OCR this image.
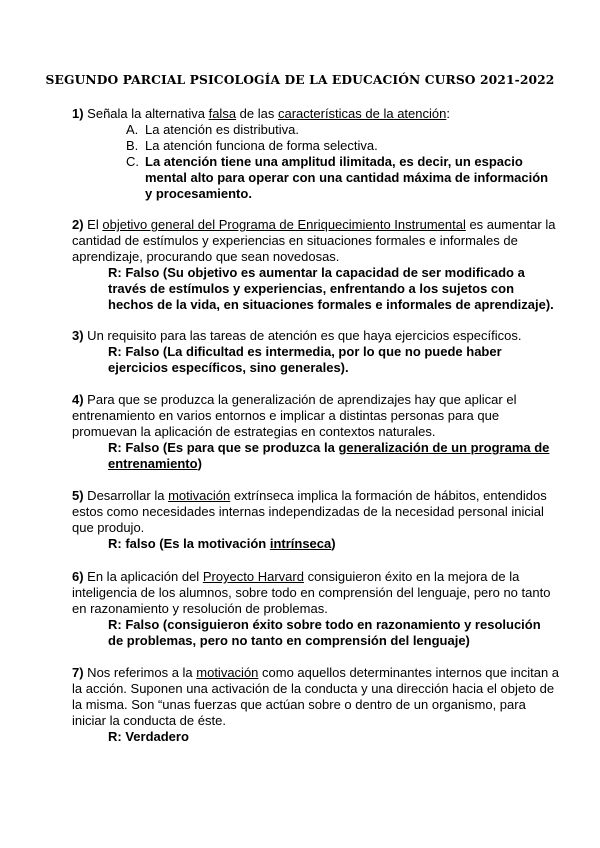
SEGUNDO PARCIAL PSICOLOGÍA DE LA EDUCACIÓN CURSO 2021-2022
1) Señala la alternativa falsa de las características de la atención:
A. La atención es distributiva.
B. La atención funciona de forma selectiva.
C. La atención tiene una amplitud ilimitada, es decir, un espacio
mental alto para operar con una cantidad máxima de información
y procesamiento.
2) El objetivo general del Programa de Enriquecimiento Instrumental es aumentar la
cantidad de estímulos y experiencias en situaciones formales e informales de
aprendizaje, procurando que sean novedosas.
R: Falso (Su objetivo es aumentar la capacidad de ser modificado a
través de estímulos y experiencias, enfrentando a los sujetos con
hechos de la vida, en situaciones formales e informales de aprendizaje).
3) Un requisito para las tareas de atención es que haya ejercicios específicos.
R: Falso (La dificultad es intermedia, por lo que no puede haber
ejercicios específicos, sino generales).
4) Para que se produzca la generalización de aprendizajes hay que aplicar el
entrenamiento en varios entornos e implicar a distintas personas para que
promuevan la aplicación de estrategias en contextos naturales.
R: Falso (Es para que se produzca la generalización de un programa de
entrenamiento)
5) Desarrollar la motivación extrínseca implica la formación de hábitos, entendidos
estos como necesidades internas independizadas de la necesidad personal inicial
que produjo.
R: falso (Es la motivación intrínseca)
6) En la aplicación del Proyecto Harvard consiguieron éxito en la mejora de la
inteligencia de los alumnos, sobre todo en comprensión del lenguaje, pero no tanto
en razonamiento y resolución de problemas.
R: Falso (consiguieron éxito sobre todo en razonamiento y resolución
de problemas, pero no tanto en comprensión del lenguaje)
7) Nos referimos a la motivación como aquellos determinantes internos que incitan a
la acción. Suponen una activación de la conducta y una dirección hacia el objeto de
la misma. Son “unas fuerzas que actúan sobre o dentro de un organismo, para
iniciar la conducta de éste.
R: Verdadero
